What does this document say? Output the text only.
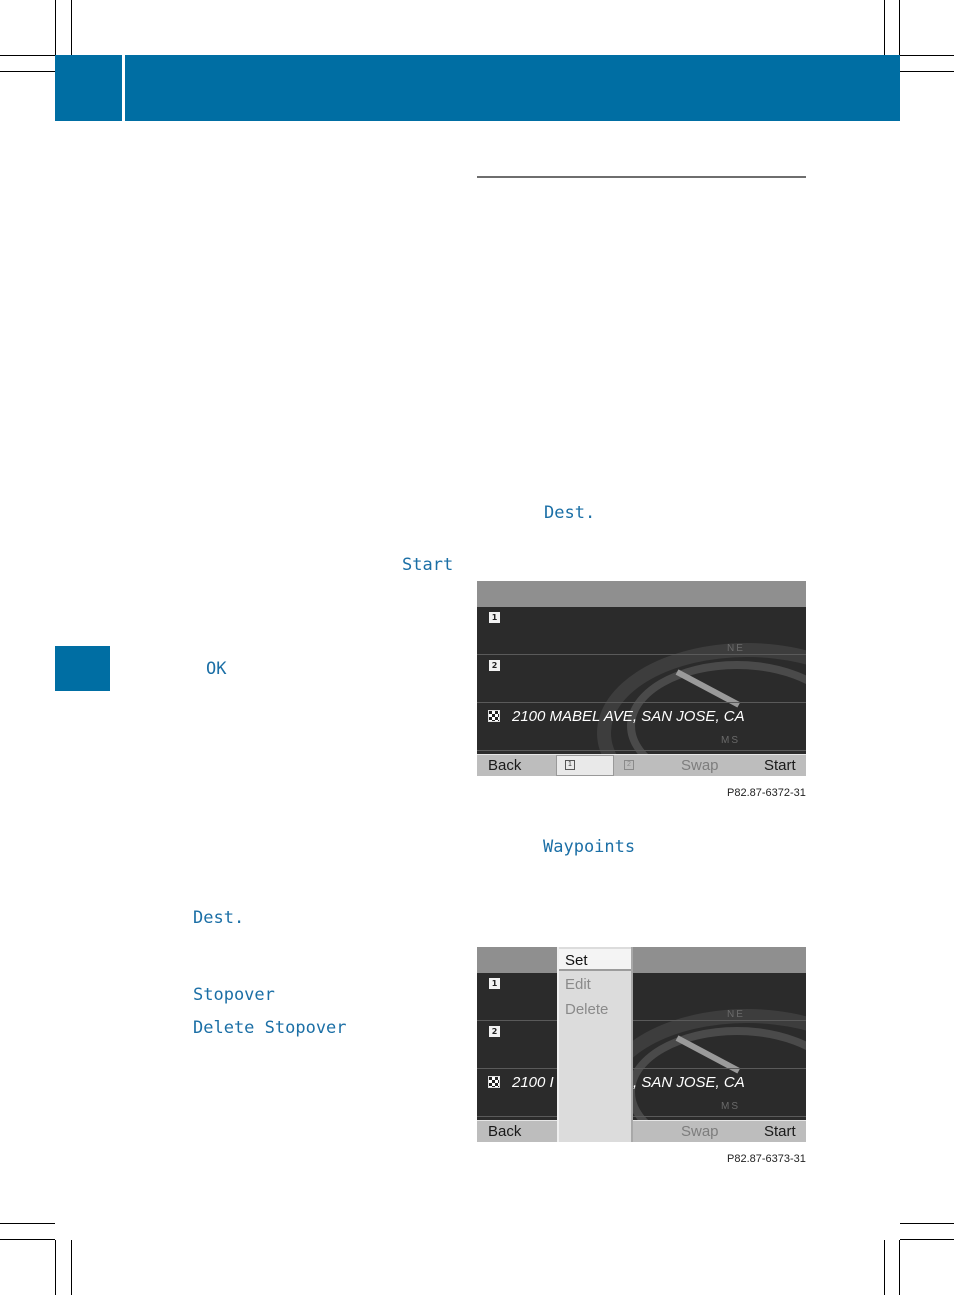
Start
OK
Dest.
Stopover
Delete Stopover
Dest.
Waypoints
NE
MS
1
2
2100 MABEL AVE, SAN JOSE, CA
Back	1	2	Swap	Start
P82.87-6372-31
NE
MS
1
2
2100 I	, SAN JOSE, CA
Back	Swap	Start
Set
Edit
Delete
P82.87-6373-31
